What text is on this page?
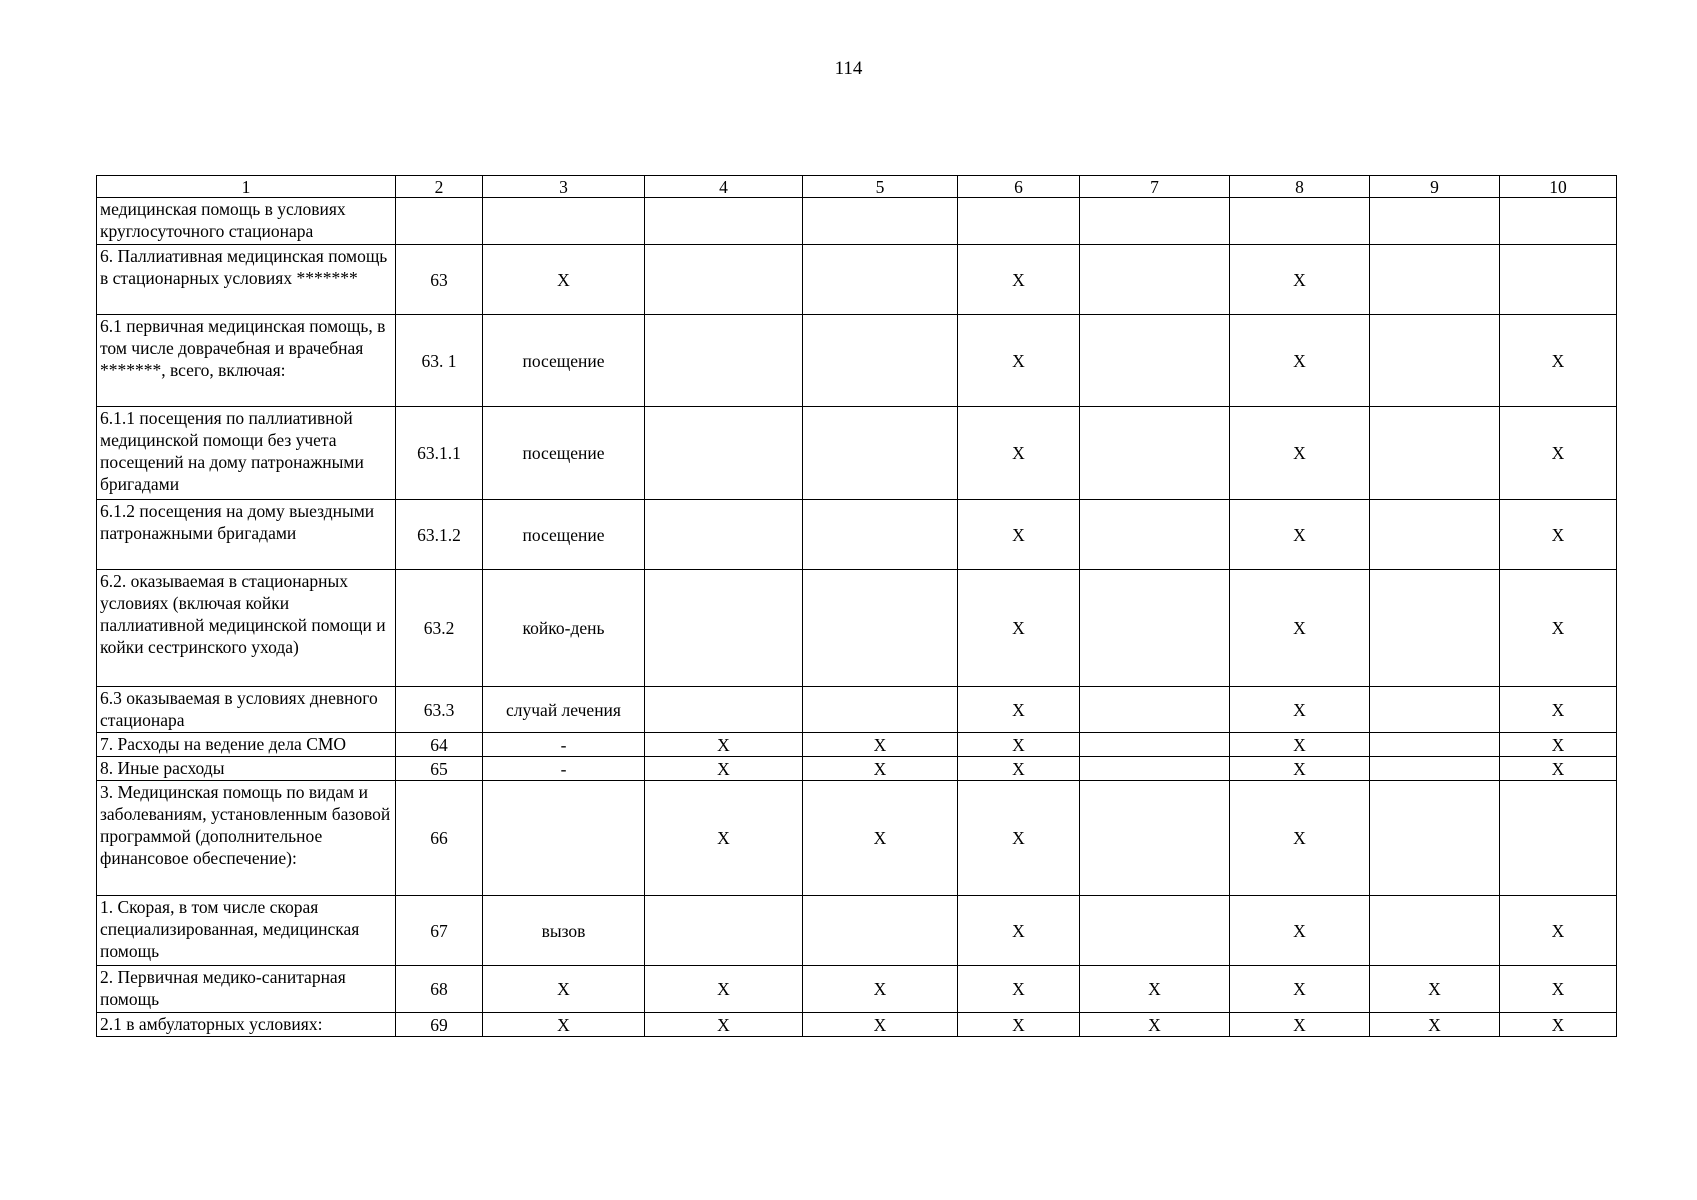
114
1	2	3	4	5	6	7	8	9	10
медицинская помощь в условиях круглосуточного стационара									
6. Паллиативная медицинская помощь в стационарных условиях *******	63	X			X		X		
6.1 первичная медицинская помощь, в том числе доврачебная и врачебная *******, всего, включая:	63. 1	посещение			X		X		X
6.1.1 посещения по паллиативной медицинской помощи без учета посещений на дому патронажными бригадами	63.1.1	посещение			X		X		X
6.1.2 посещения на дому выездными патронажными бригадами	63.1.2	посещение			X		X		X
6.2. оказываемая в стационарных условиях (включая койки паллиативной медицинской помощи и койки сестринского ухода)	63.2	койко-день			X		X		X
6.3 оказываемая в условиях дневного стационара	63.3	случай лечения			X		X		X
7. Расходы на ведение дела СМО	64	-	X	X	X		X		X
8. Иные расходы	65	-	X	X	X		X		X
3. Медицинская помощь по видам и заболеваниям, установленным базовой программой (дополнительное финансовое обеспечение):	66		X	X	X		X		
1. Скорая, в том числе скорая специализированная, медицинская помощь	67	вызов			X		X		X
2. Первичная медико-санитарная помощь	68	X	X	X	X	X	X	X	X
2.1 в амбулаторных условиях:	69	X	X	X	X	X	X	X	X
